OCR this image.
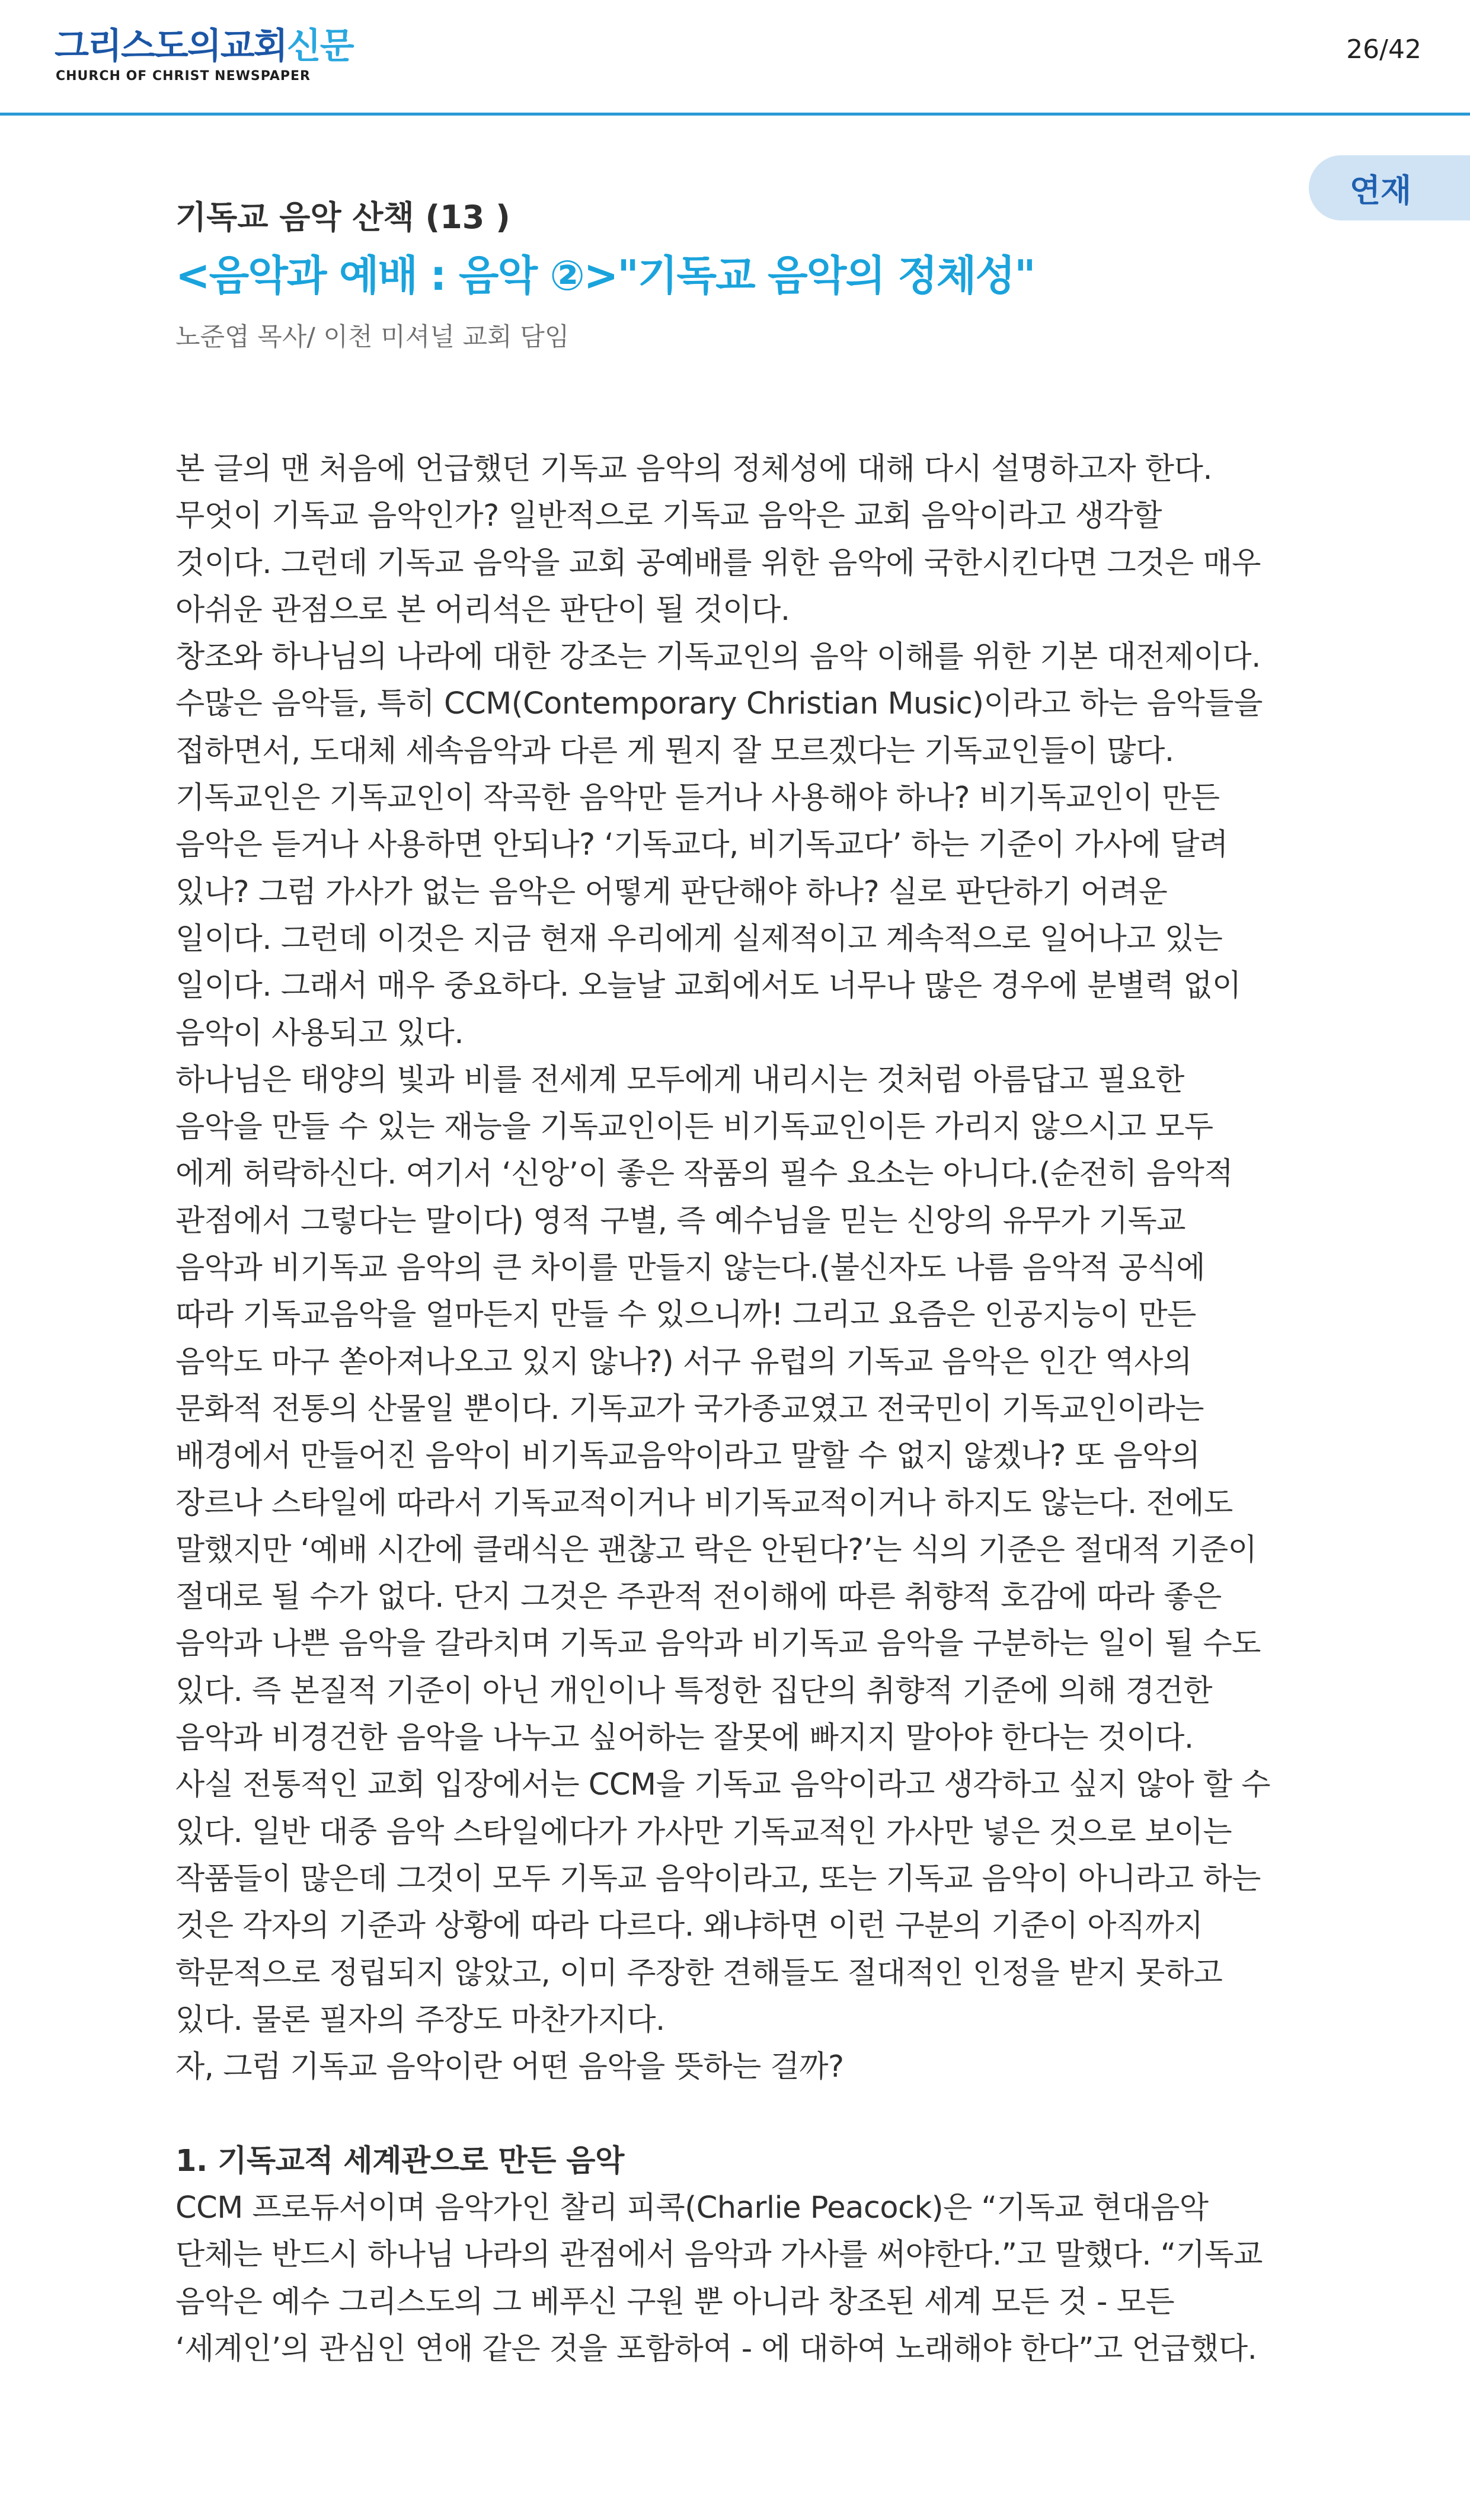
그리스도의교회신문
CHURCH OF CHRIST NEWSPAPER
26/42
연재
기독교 음악 산책 (13 )
<음악과 예배 : 음악 ②>"기독교 음악의 정체성"
노준엽 목사/ 이천 미셔널 교회 담임
본 글의 맨 처음에 언급했던 기독교 음악의 정체성에 대해 다시 설명하고자 한다.
무엇이 기독교 음악인가? 일반적으로 기독교 음악은 교회 음악이라고 생각할
것이다. 그런데 기독교 음악을 교회 공예배를 위한 음악에 국한시킨다면 그것은 매우
아쉬운 관점으로 본 어리석은 판단이 될 것이다.
창조와 하나님의 나라에 대한 강조는 기독교인의 음악 이해를 위한 기본 대전제이다.
수많은 음악들, 특히 CCM(Contemporary Christian Music)이라고 하는 음악들을
접하면서, 도대체 세속음악과 다른 게 뭔지 잘 모르겠다는 기독교인들이 많다.
기독교인은 기독교인이 작곡한 음악만 듣거나 사용해야 하나? 비기독교인이 만든
음악은 듣거나 사용하면 안되나? ‘기독교다, 비기독교다’ 하는 기준이 가사에 달려
있나? 그럼 가사가 없는 음악은 어떻게 판단해야 하나? 실로 판단하기 어려운
일이다. 그런데 이것은 지금 현재 우리에게 실제적이고 계속적으로 일어나고 있는
일이다. 그래서 매우 중요하다. 오늘날 교회에서도 너무나 많은 경우에 분별력 없이
음악이 사용되고 있다.
하나님은 태양의 빛과 비를 전세계 모두에게 내리시는 것처럼 아름답고 필요한
음악을 만들 수 있는 재능을 기독교인이든 비기독교인이든 가리지 않으시고 모두
에게 허락하신다. 여기서 ‘신앙’이 좋은 작품의 필수 요소는 아니다.(순전히 음악적
관점에서 그렇다는 말이다) 영적 구별, 즉 예수님을 믿는 신앙의 유무가 기독교
음악과 비기독교 음악의 큰 차이를 만들지 않는다.(불신자도 나름 음악적 공식에
따라 기독교음악을 얼마든지 만들 수 있으니까! 그리고 요즘은 인공지능이 만든
음악도 마구 쏟아져나오고 있지 않나?) 서구 유럽의 기독교 음악은 인간 역사의
문화적 전통의 산물일 뿐이다. 기독교가 국가종교였고 전국민이 기독교인이라는
배경에서 만들어진 음악이 비기독교음악이라고 말할 수 없지 않겠나? 또 음악의
장르나 스타일에 따라서 기독교적이거나 비기독교적이거나 하지도 않는다. 전에도
말했지만 ‘예배 시간에 클래식은 괜찮고 락은 안된다?’는 식의 기준은 절대적 기준이
절대로 될 수가 없다. 단지 그것은 주관적 전이해에 따른 취향적 호감에 따라 좋은
음악과 나쁜 음악을 갈라치며 기독교 음악과 비기독교 음악을 구분하는 일이 될 수도
있다. 즉 본질적 기준이 아닌 개인이나 특정한 집단의 취향적 기준에 의해 경건한
음악과 비경건한 음악을 나누고 싶어하는 잘못에 빠지지 말아야 한다는 것이다.
사실 전통적인 교회 입장에서는 CCM을 기독교 음악이라고 생각하고 싶지 않아 할 수
있다. 일반 대중 음악 스타일에다가 가사만 기독교적인 가사만 넣은 것으로 보이는
작품들이 많은데 그것이 모두 기독교 음악이라고, 또는 기독교 음악이 아니라고 하는
것은 각자의 기준과 상황에 따라 다르다. 왜냐하면 이런 구분의 기준이 아직까지
학문적으로 정립되지 않았고, 이미 주장한 견해들도 절대적인 인정을 받지 못하고
있다. 물론 필자의 주장도 마찬가지다.
자, 그럼 기독교 음악이란 어떤 음악을 뜻하는 걸까?
1. 기독교적 세계관으로 만든 음악
CCM 프로듀서이며 음악가인 찰리 피콕(Charlie Peacock)은 “기독교 현대음악
단체는 반드시 하나님 나라의 관점에서 음악과 가사를 써야한다.”고 말했다. “기독교
음악은 예수 그리스도의 그 베푸신 구원 뿐 아니라 창조된 세계 모든 것 - 모든
‘세계인’의 관심인 연애 같은 것을 포함하여 - 에 대하여 노래해야 한다”고 언급했다.
